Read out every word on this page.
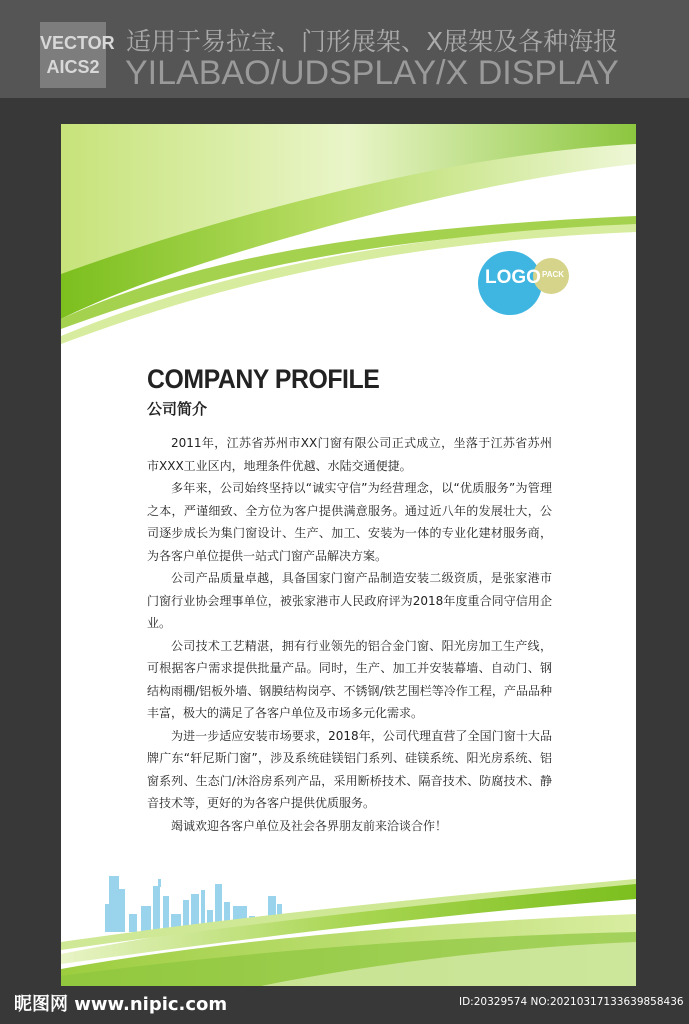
VECTOR
AICS2
适用于易拉宝、门形展架、X展架及各种海报
YILABAO/UDSPLAY/X DISPLAY
LOGO PACK
COMPANY PROFILE
公司简介

2011年，江苏省苏州市XX门窗有限公司正式成立，坐落于江苏省苏州市XXX工业区内，地理条件优越、水陆交通便捷。

多年来，公司始终坚持以“诚实守信”为经营理念，以“优质服务”为管理之本，严谨细致、全方位为客户提供满意服务。通过近八年的发展壮大，公司逐步成长为集门窗设计、生产、加工、安装为一体的专业化建材服务商，为各客户单位提供一站式门窗产品解决方案。

公司产品质量卓越，具备国家门窗产品制造安装二级资质，是张家港市门窗行业协会理事单位，被张家港市人民政府评为2018年度重合同守信用企业。

公司技术工艺精湛，拥有行业领先的铝合金门窗、阳光房加工生产线，可根据客户需求提供批量产品。同时，生产、加工并安装幕墙、自动门、钢结构雨棚/铝板外墙、钢膜结构岗亭、不锈钢/铁艺围栏等冷作工程，产品品种丰富，极大的满足了各客户单位及市场多元化需求。

为进一步适应安装市场要求，2018年，公司代理直营了全国门窗十大品牌广东“轩尼斯门窗”，涉及系统硅镁铝门系列、硅镁系统、阳光房系统、铝窗系列、生态门/沐浴房系列产品，采用断桥技术、隔音技术、防腐技术、静音技术等，更好的为各客户提供优质服务。

竭诚欢迎各客户单位及社会各界朋友前来洽谈合作！

昵图网 www.nipic.com	ID:20329574 NO:20210317133639858436
